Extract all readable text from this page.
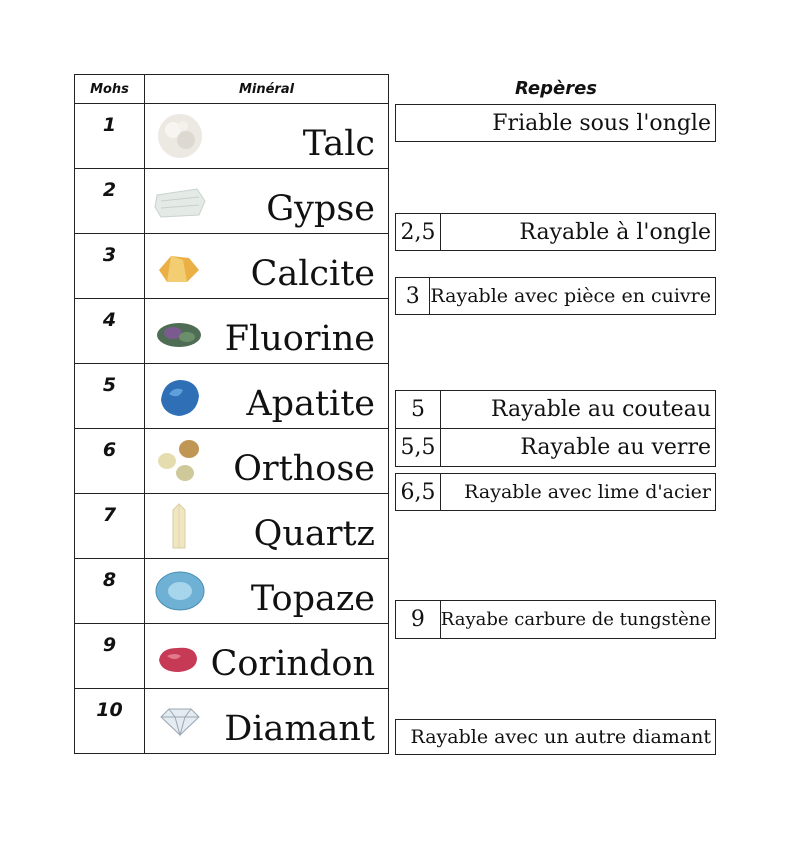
Mohs	Minéral
1	Talc

2	Gypse

3	Calcite

4	Fluorine

5	Apatite

6	Orthose

7	Quartz

8	Topaze

9	Corindon

10	Diamant
Repères
Friable sous l'ongle
2,5	Rayable à l'ongle
3 Rayable avec pièce en cuivre
5	Rayable au couteau
5,5	Rayable au verre
6,5	Rayable avec lime d'acier
9 Rayabe carbure de tungstène
Rayable avec un autre diamant
